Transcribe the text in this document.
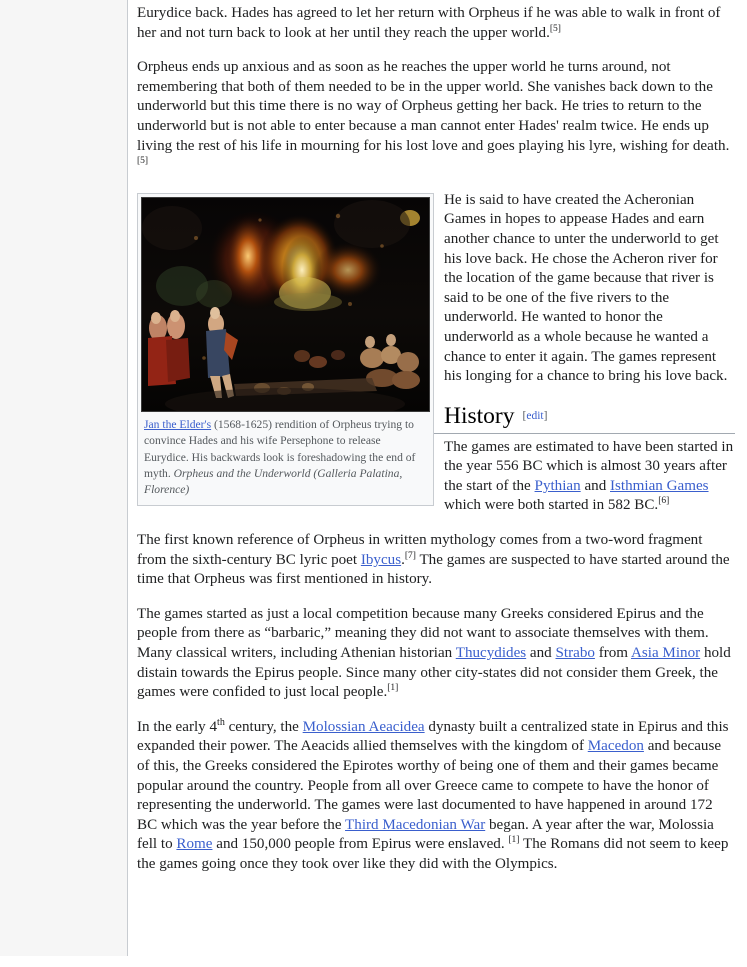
Eurydice back. Hades has agreed to let her return with Orpheus if he was able to walk in front of her and not turn back to look at her until they reach the upper world.[5]

Orpheus ends up anxious and as soon as he reaches the upper world he turns around, not remembering that both of them needed to be in the upper world. She vanishes back down to the underworld but this time there is no way of Orpheus getting her back. He tries to return to the underworld but is not able to enter because a man cannot enter Hades' realm twice. He ends up living the rest of his life in mourning for his lost love and goes playing his lyre, wishing for death.[5]

Jan the Elder's (1568-1625) rendition of Orpheus trying to convince Hades and his wife Persephone to release Eurydice. His backwards look is foreshadowing the end of myth. Orpheus and the Underworld (Galleria Palatina, Florence)

He is said to have created the Acheronian Games in hopes to appease Hades and earn another chance to unter the underworld to get his love back. He chose the Acheron river for the location of the game because that river is said to be one of the five rivers to the underworld. He wanted to honor the underworld as a whole because he wanted a chance to enter it again. The games represent his longing for a chance to bring his love back.

History [edit]

The games are estimated to have been started in the year 556 BC which is almost 30 years after the start of the Pythian and Isthmian Games which were both started in 582 BC.[6]

The first known reference of Orpheus in written mythology comes from a two-word fragment from the sixth-century BC lyric poet Ibycus.[7] The games are suspected to have started around the time that Orpheus was first mentioned in history.

The games started as just a local competition because many Greeks considered Epirus and the people from there as “barbaric,” meaning they did not want to associate themselves with them. Many classical writers, including Athenian historian Thucydides and Strabo from Asia Minor hold distain towards the Epirus people. Since many other city-states did not consider them Greek, the games were confided to just local people.[1]

In the early 4th century, the Molossian Aeacidea dynasty built a centralized state in Epirus and this expanded their power. The Aeacids allied themselves with the kingdom of Macedon and because of this, the Greeks considered the Epirotes worthy of being one of them and their games became popular around the country. People from all over Greece came to compete to have the honor of representing the underworld. The games were last documented to have happened in around 172 BC which was the year before the Third Macedonian War began. A year after the war, Molossia fell to Rome and 150,000 people from Epirus were enslaved. [1] The Romans did not seem to keep the games going once they took over like they did with the Olympics.
